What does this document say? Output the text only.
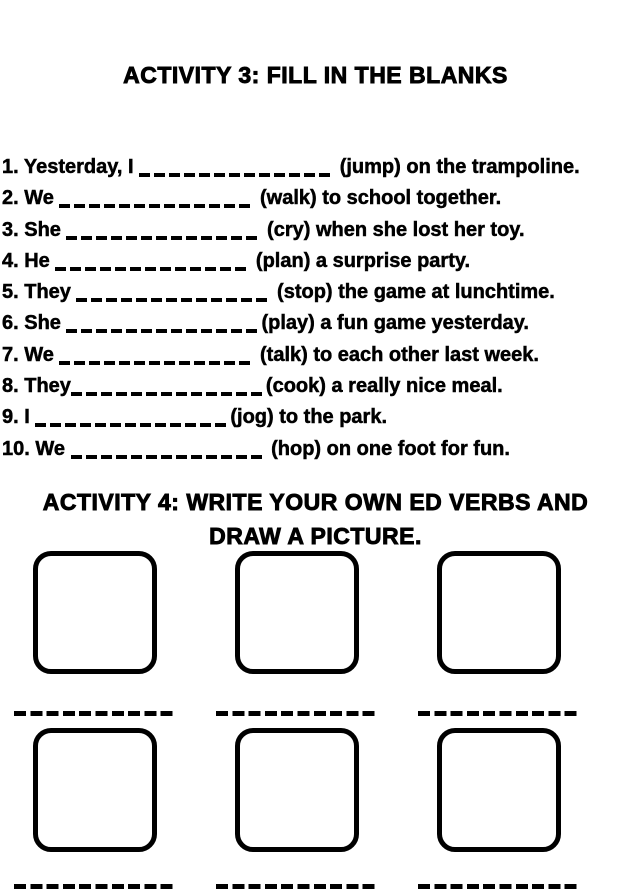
ACTIVITY 3: FILL IN THE BLANKS
1. Yesterday, I	(jump) on the trampoline.
2. We	(walk) to school together.
3. She	(cry) when she lost her toy.
4. He	(plan) a surprise party.
5. They	(stop) the game at lunchtime.
6. She	(play) a fun game yesterday.
7. We	(talk) to each other last week.
8. They	(cook) a really nice meal.
9. I	(jog) to the park.
10. We	(hop) on one foot for fun.
ACTIVITY 4: WRITE YOUR OWN ED VERBS AND
DRAW A PICTURE.
